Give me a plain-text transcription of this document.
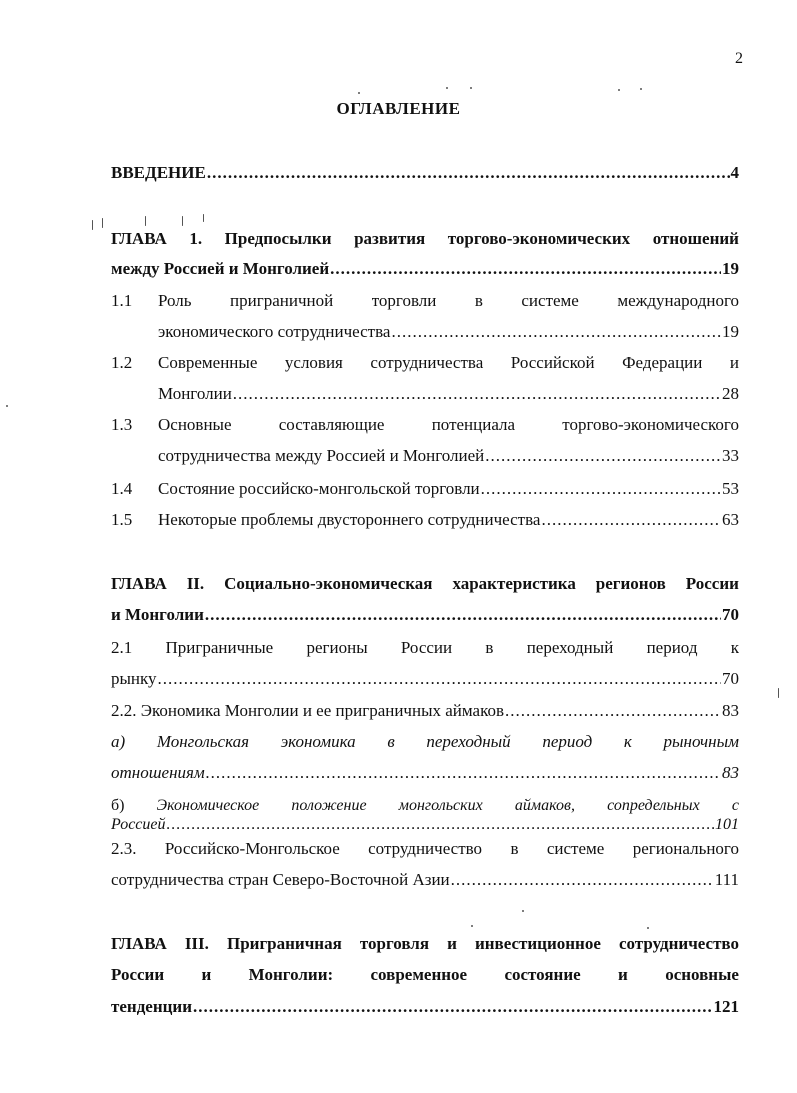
2
ОГЛАВЛЕНИЕ
ВВЕДЕНИЕ .....	4
ГЛАВА 1. Предпосылки развития торгово-экономических отношений
между Россией и Монголией .....	19
1.1 Роль приграничной торговли в системе международного
экономического сотрудничества .....	19
1.2 Современные условия сотрудничества Российской Федерации и
Монголии .....	28
1.3 Основные	составляющие	потенциала	торгово-экономического
сотрудничества между Россией и Монголией .....	33
1.4 Состояние российско-монгольской торговли .....	53
1.5 Некоторые проблемы двустороннего сотрудничества .....	63
ГЛАВА II. Социально-экономическая характеристика регионов России
и Монголии .....	70
2.1 Приграничные регионы России в переходный период к
рынку .....	70
2.2. Экономика Монголии и ее приграничных аймаков .....	83
а) Монгольская экономика в переходный период к рыночным
отношениям .....	83
б) Экономическое положение монгольских аймаков, сопредельных с
Россией .....	101
2.3. Российско-Монгольское сотрудничество в системе регионального
сотрудничества стран Северо-Восточной Азии .....	111
ГЛАВА III. Приграничная торговля и инвестиционное сотрудничество
России и Монголии: современное состояние и основные
тенденции .....	121
